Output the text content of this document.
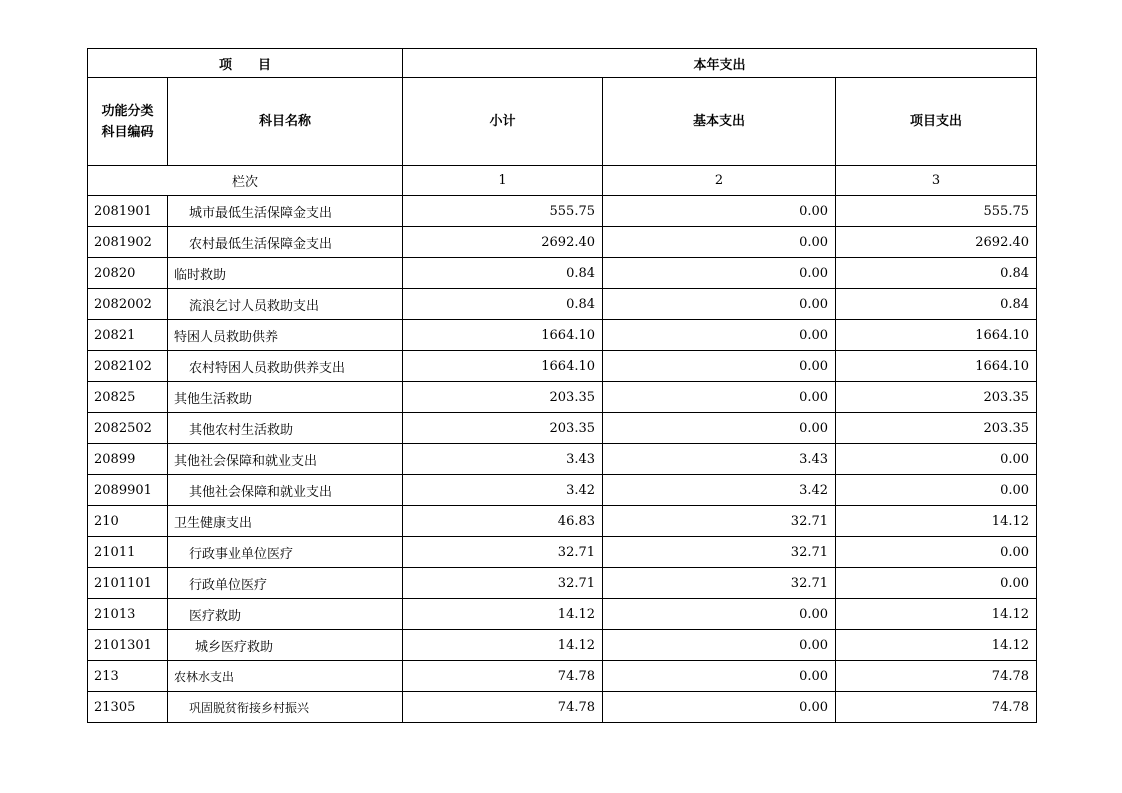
项　　目		本年支出		
功能分类
科目编码	科目名称	小计	基本支出	项目支出
栏次		1	2	3
2081901	城市最低生活保障金支出	555.75	0.00	555.75
2081902	农村最低生活保障金支出	2692.40	0.00	2692.40
20820	临时救助	0.84	0.00	0.84
2082002	流浪乞讨人员救助支出	0.84	0.00	0.84
20821	特困人员救助供养	1664.10	0.00	1664.10
2082102	农村特困人员救助供养支出	1664.10	0.00	1664.10
20825	其他生活救助	203.35	0.00	203.35
2082502	其他农村生活救助	203.35	0.00	203.35
20899	其他社会保障和就业支出	3.43	3.43	0.00
2089901	其他社会保障和就业支出	3.42	3.42	0.00
210	卫生健康支出	46.83	32.71	14.12
21011	行政事业单位医疗	32.71	32.71	0.00
2101101	行政单位医疗	32.71	32.71	0.00
21013	医疗救助	14.12	0.00	14.12
2101301	城乡医疗救助	14.12	0.00	14.12
213	农林水支出	74.78	0.00	74.78
21305	巩固脱贫衔接乡村振兴	74.78	0.00	74.78
